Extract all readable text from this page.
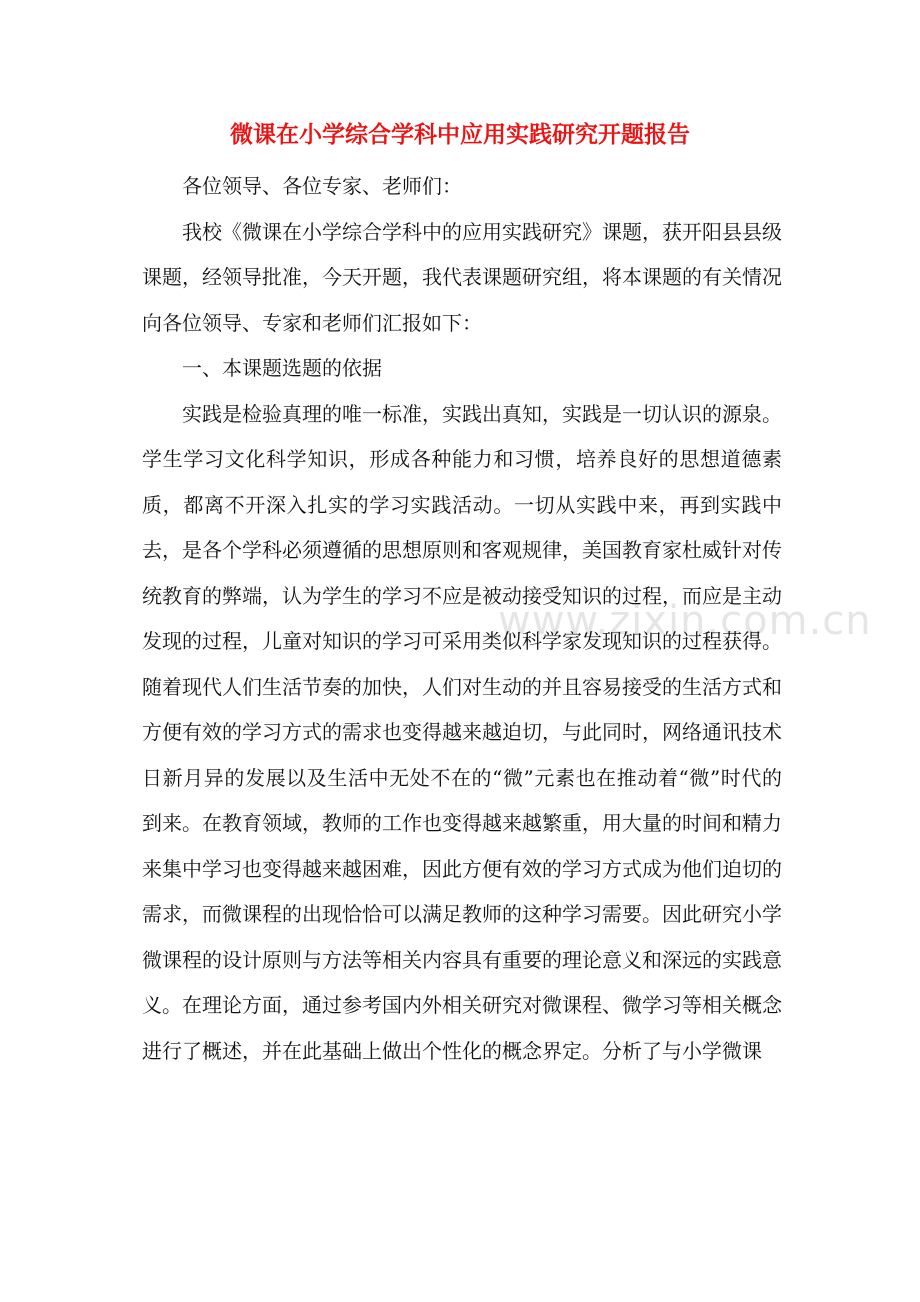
微课在小学综合学科中应用实践研究开题报告

各位领导、各位专家、老师们：

我校《微课在小学综合学科中的应用实践研究》课题，获开阳县县级课题，经领导批准，今天开题，我代表课题研究组，将本课题的有关情况向各位领导、专家和老师们汇报如下：

一、本课题选题的依据

实践是检验真理的唯一标准，实践出真知，实践是一切认识的源泉。学生学习文化科学知识，形成各种能力和习惯，培养良好的思想道德素质，都离不开深入扎实的学习实践活动。一切从实践中来，再到实践中去，是各个学科必须遵循的思想原则和客观规律，美国教育家杜威针对传统教育的弊端，认为学生的学习不应是被动接受知识的过程，而应是主动发现的过程，儿童对知识的学习可采用类似科学家发现知识的过程获得。随着现代人们生活节奏的加快，人们对生动的并且容易接受的生活方式和方便有效的学习方式的需求也变得越来越迫切，与此同时，网络通讯技术日新月异的发展以及生活中无处不在的“微”元素也在推动着“微”时代的到来。在教育领域，教师的工作也变得越来越繁重，用大量的时间和精力来集中学习也变得越来越困难，因此方便有效的学习方式成为他们迫切的需求，而微课程的出现恰恰可以满足教师的这种学习需要。因此研究小学微课程的设计原则与方法等相关内容具有重要的理论意义和深远的实践意义。在理论方面，通过参考国内外相关研究对微课程、微学习等相关概念进行了概述，并在此基础上做出个性化的概念界定。分析了与小学微课

www.zixin.com.cn
